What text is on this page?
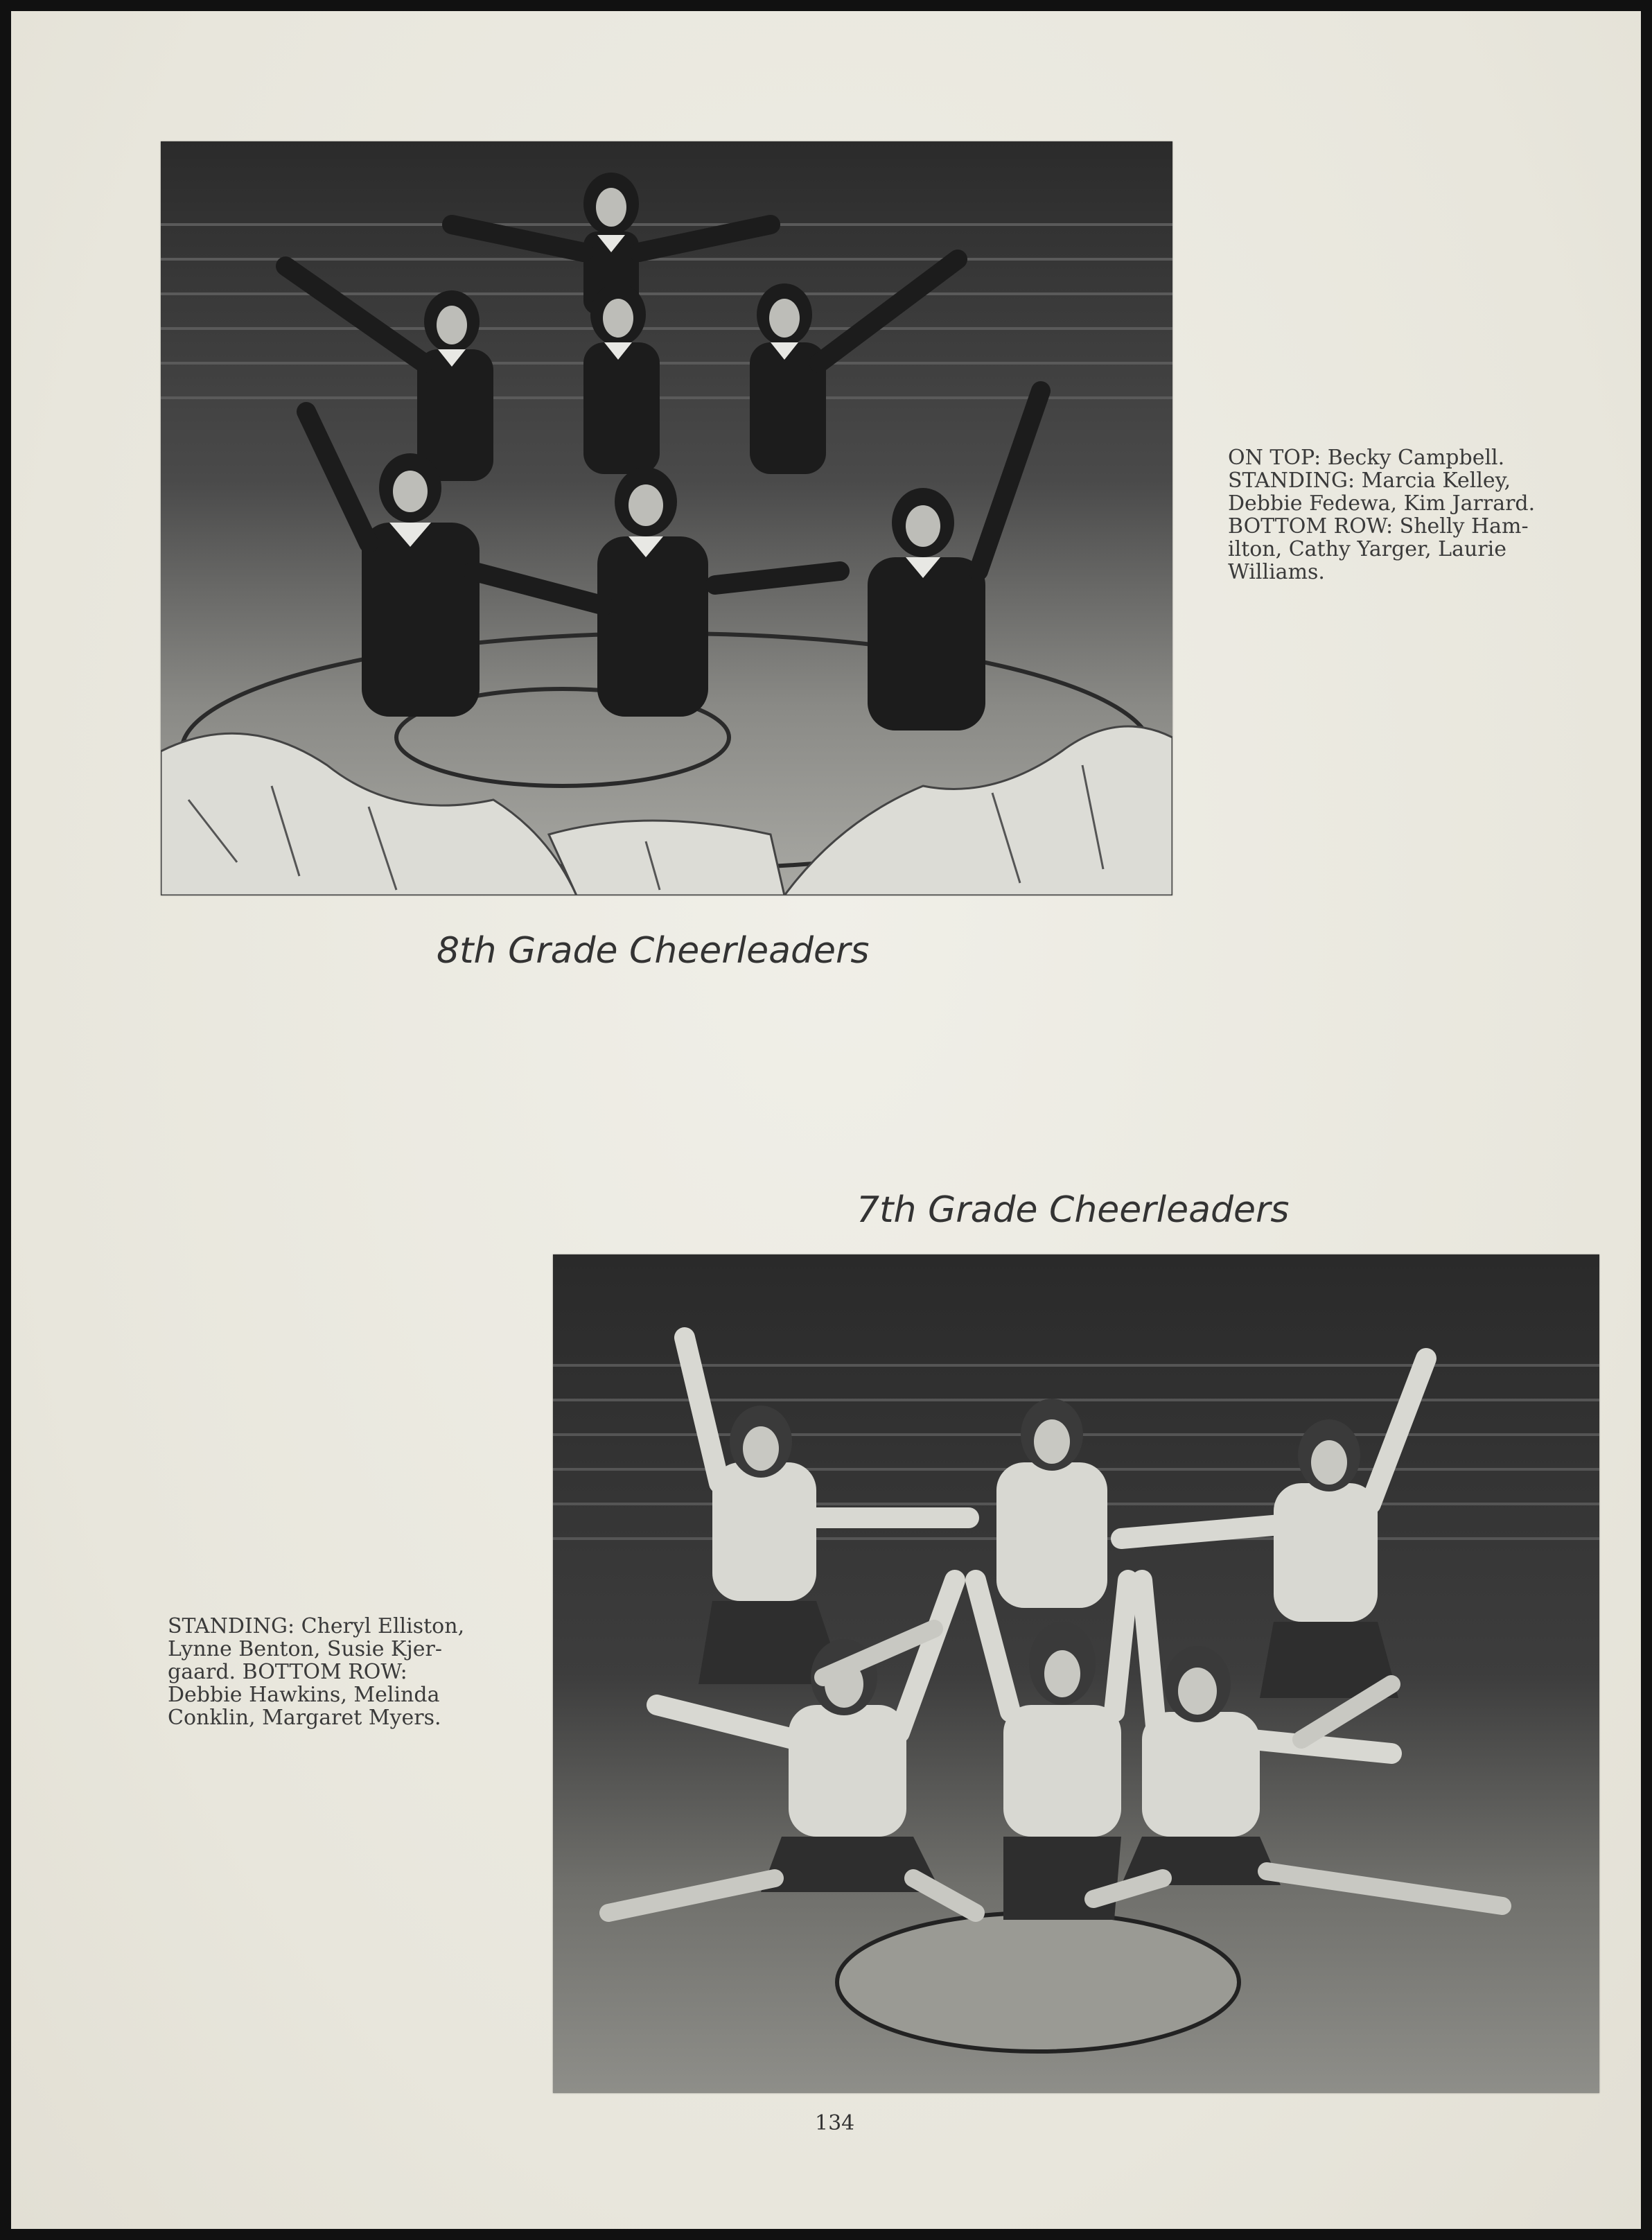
ON TOP: Becky Campbell.
STANDING: Marcia Kelley,
Debbie Fedewa, Kim Jarrard.
BOTTOM ROW: Shelly Ham-
ilton, Cathy Yarger, Laurie
Williams.
8th Grade Cheerleaders
7th Grade Cheerleaders
STANDING: Cheryl Elliston,
Lynne Benton, Susie Kjer-
gaard. BOTTOM ROW:
Debbie Hawkins, Melinda
Conklin, Margaret Myers.
134
